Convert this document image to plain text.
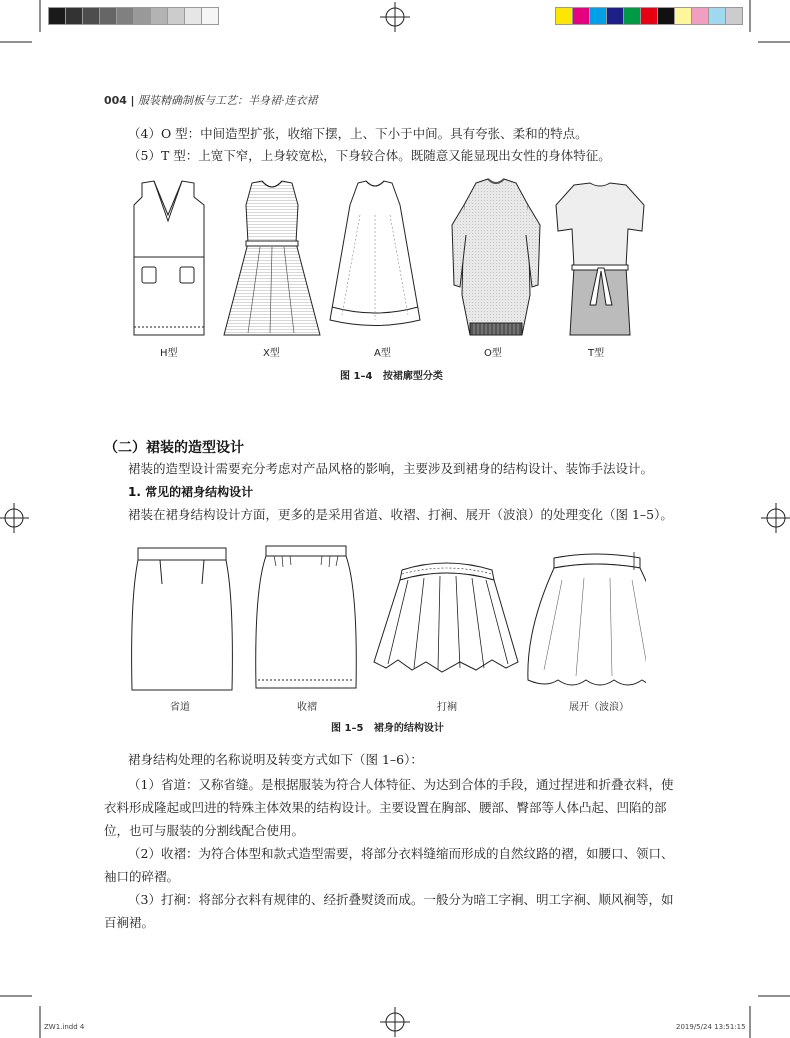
004 | 服装精确制板与工艺：半身裙·连衣裙
（4）O 型：中间造型扩张，收缩下摆，上、下小于中间。具有夸张、柔和的特点。
（5）T 型：上宽下窄，上身较宽松，下身较合体。既随意又能显现出女性的身体特征。
H型	X型	A型	O型	T型
图 1–4 按裙廓型分类
（二）裙装的造型设计
裙装的造型设计需要充分考虑对产品风格的影响，主要涉及到裙身的结构设计、装饰手法设计。
1. 常见的裙身结构设计
裙装在裙身结构设计方面，更多的是采用省道、收褶、打裥、展开（波浪）的处理变化（图 1–5）。
省道	收褶	打裥	展开（波浪）
图 1–5 裙身的结构设计
裙身结构处理的名称说明及转变方式如下（图 1–6）：
（1）省道：又称省缝。是根据服装为符合人体特征、为达到合体的手段，通过捏进和折叠衣料，使
衣料形成隆起或凹进的特殊主体效果的结构设计。主要设置在胸部、腰部、臀部等人体凸起、凹陷的部
位，也可与服装的分割线配合使用。
（2）收褶：为符合体型和款式造型需要，将部分衣料缝缩而形成的自然纹路的褶，如腰口、领口、
袖口的碎褶。
（3）打裥：将部分衣料有规律的、经折叠熨烫而成。一般分为暗工字裥、明工字裥、顺风裥等，如
百裥裙。
ZW1.indd 4	2019/5/24 13:51:15
